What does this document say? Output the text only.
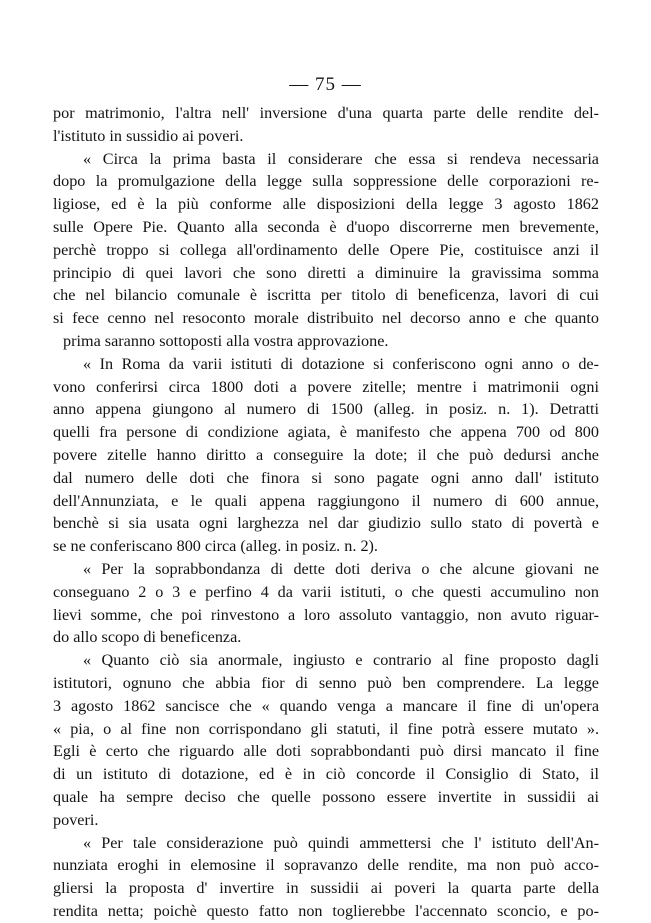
— 75 —
por matrimonio, l'altra nell' inversione d'una quarta parte delle rendite del-
l'istituto in sussidio ai poveri.
« Circa la prima basta il considerare che essa si rendeva necessaria
dopo la promulgazione della legge sulla soppressione delle corporazioni re-
ligiose, ed è la più conforme alle disposizioni della legge 3 agosto 1862
sulle Opere Pie. Quanto alla seconda è d'uopo discorrerne men brevemente,
perchè troppo si collega all'ordinamento delle Opere Pie, costituisce anzi il
principio di quei lavori che sono diretti a diminuire la gravissima somma
che nel bilancio comunale è iscritta per titolo di beneficenza, lavori di cui
si fece cenno nel resoconto morale distribuito nel decorso anno e che quanto
prima saranno sottoposti alla vostra approvazione.
« In Roma da varii istituti di dotazione si conferiscono ogni anno o de-
vono conferirsi circa 1800 doti a povere zitelle; mentre i matrimonii ogni
anno appena giungono al numero di 1500 (alleg. in posiz. n. 1). Detratti
quelli fra persone di condizione agiata, è manifesto che appena 700 od 800
povere zitelle hanno diritto a conseguire la dote; il che può dedursi anche
dal numero delle doti che finora si sono pagate ogni anno dall' istituto
dell'Annunziata, e le quali appena raggiungono il numero di 600 annue,
benchè si sia usata ogni larghezza nel dar giudizio sullo stato di povertà e
se ne conferiscano 800 circa (alleg. in posiz. n. 2).
« Per la soprabbondanza di dette doti deriva o che alcune giovani ne
conseguano 2 o 3 e perfino 4 da varii istituti, o che questi accumulino non
lievi somme, che poi rinvestono a loro assoluto vantaggio, non avuto riguar-
do allo scopo di beneficenza.
« Quanto ciò sia anormale, ingiusto e contrario al fine proposto dagli
istitutori, ognuno che abbia fior di senno può ben comprendere. La legge
3 agosto 1862 sancisce che « quando venga a mancare il fine di un'opera
« pia, o al fine non corrispondano gli statuti, il fine potrà essere mutato ».
Egli è certo che riguardo alle doti soprabbondanti può dirsi mancato il fine
di un istituto di dotazione, ed è in ciò concorde il Consiglio di Stato, il
quale ha sempre deciso che quelle possono essere invertite in sussidii ai
poveri.
« Per tale considerazione può quindi ammettersi che l' istituto dell'An-
nunziata eroghi in elemosine il sopravanzo delle rendite, ma non può acco-
gliersi la proposta d' invertire in sussidii ai poveri la quarta parte della
rendita netta; poichè questo fatto non toglierebbe l'accennato sconcio, e po-
